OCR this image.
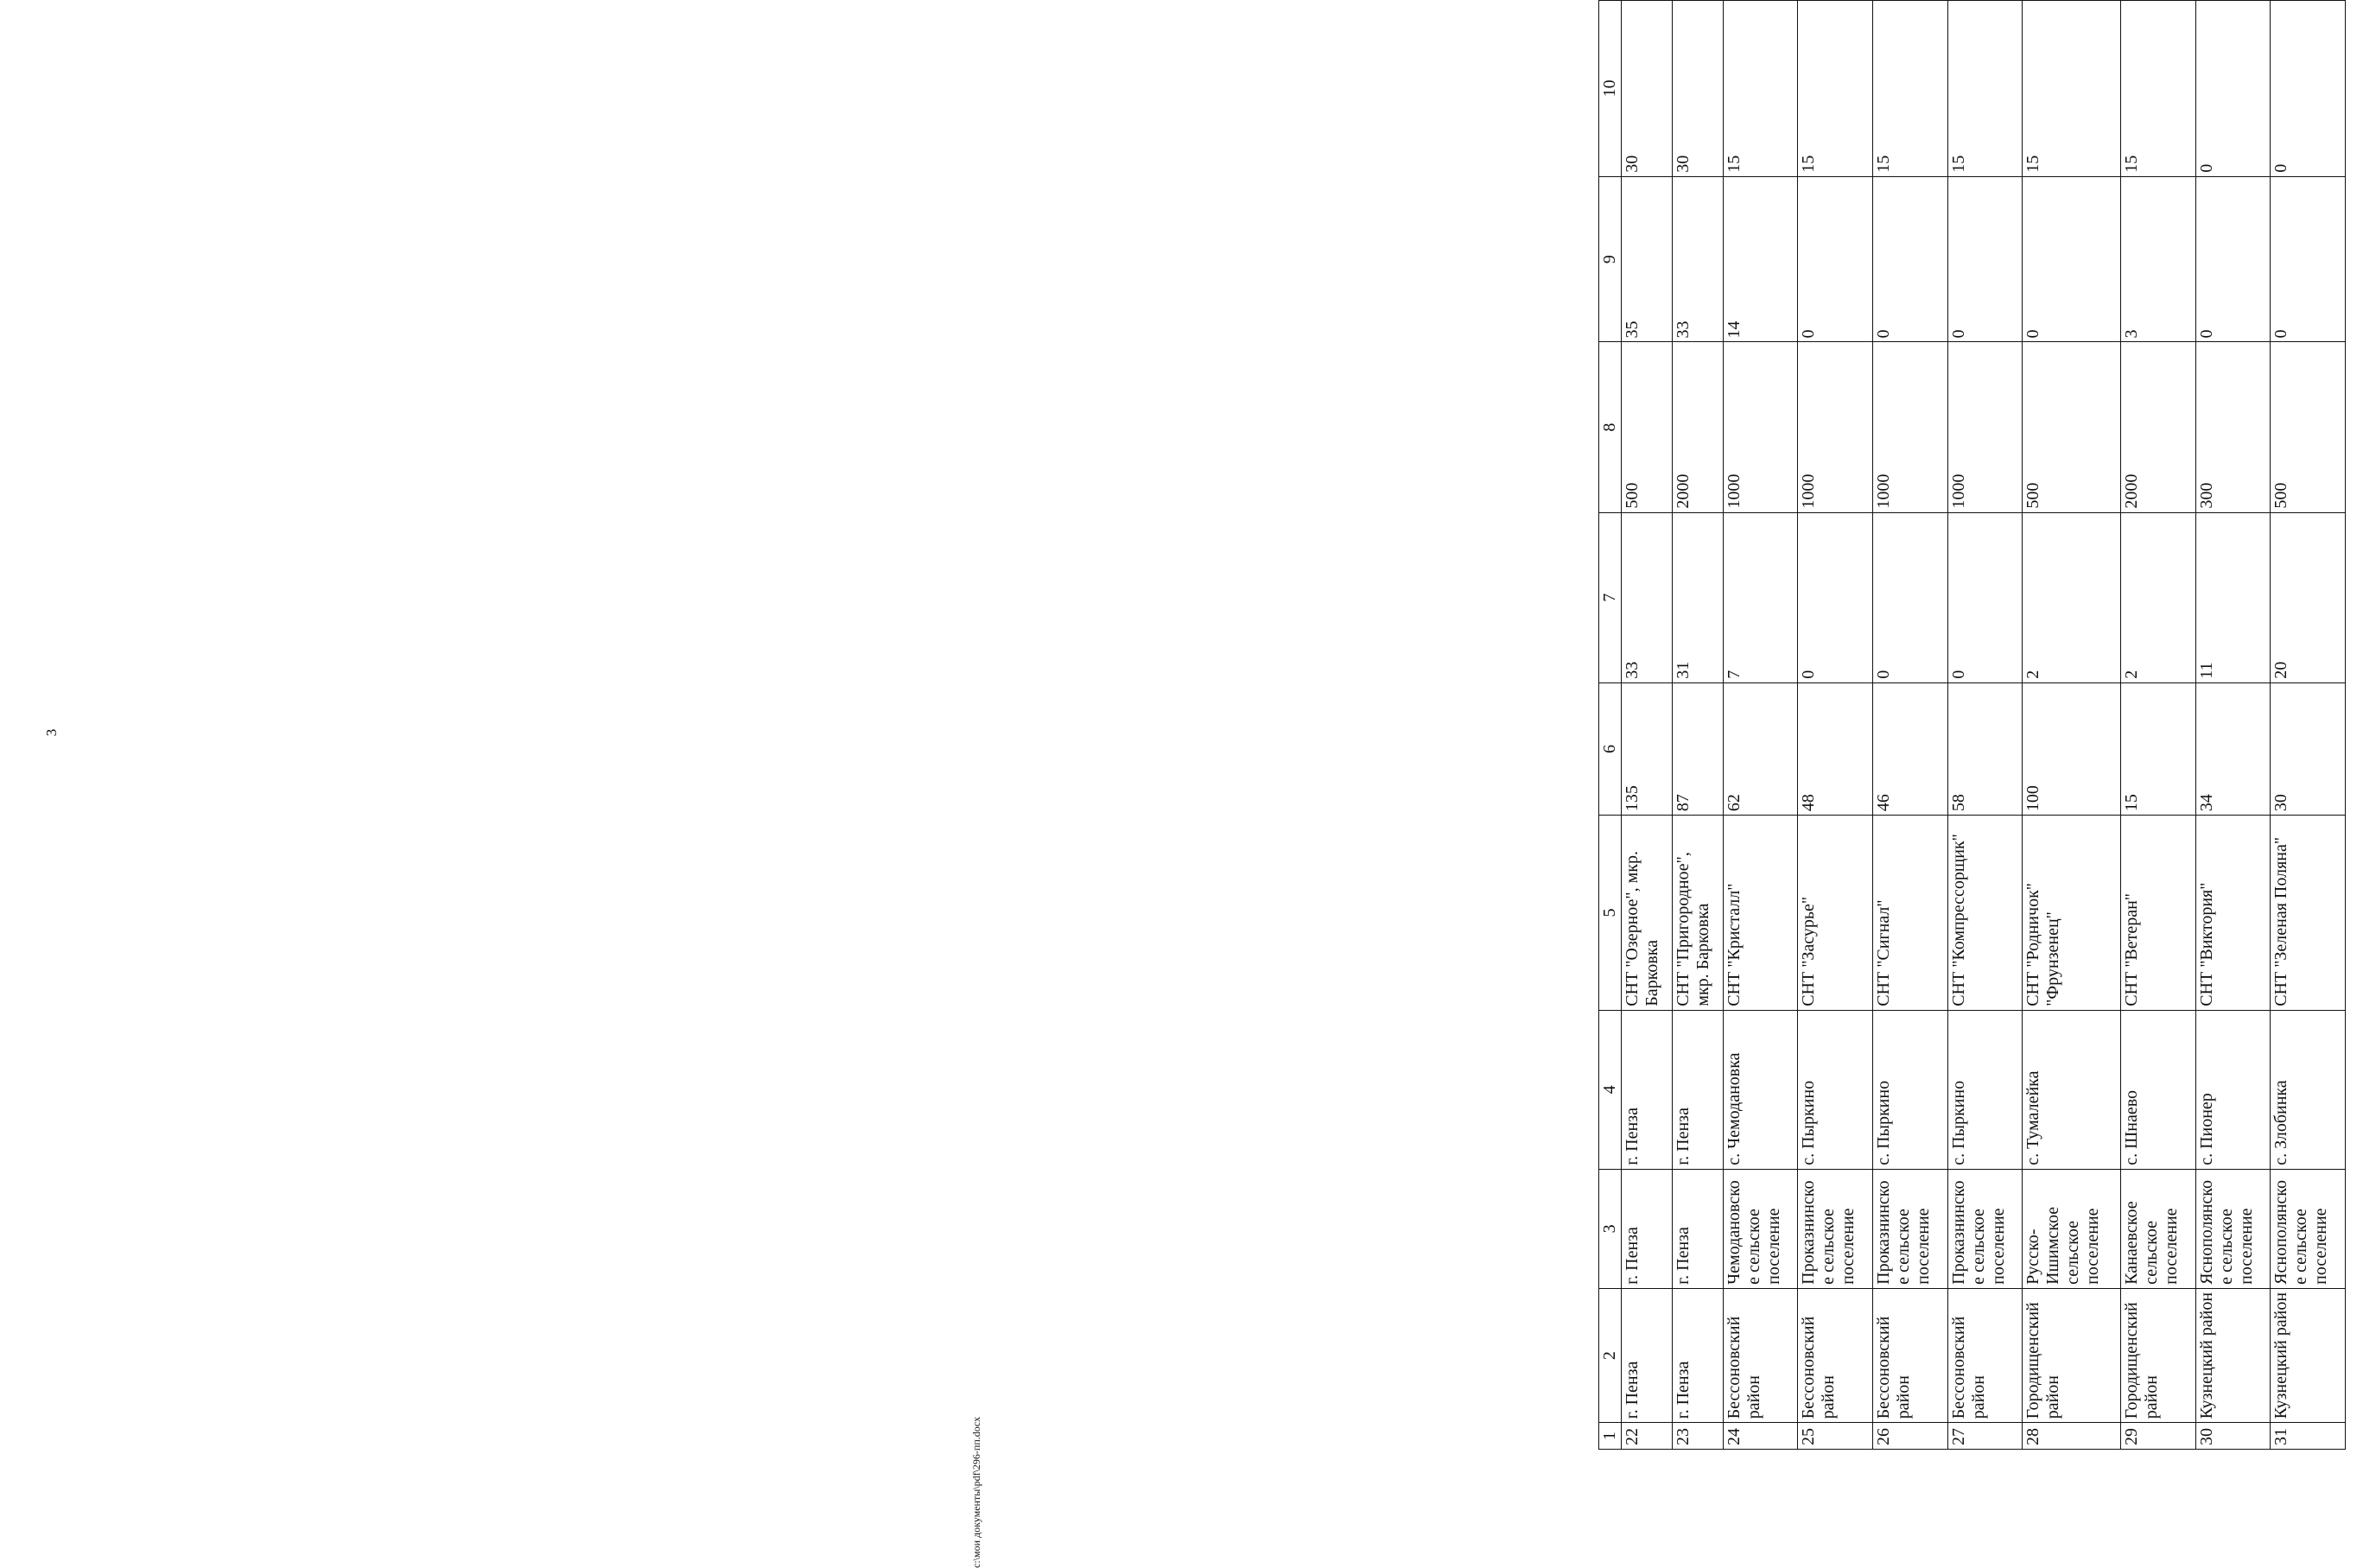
3
1	2	3	4	5	6	7	8	9	10
22	г. Пенза	г. Пенза	г. Пенза	СНТ "Озерное", мкр. Барковка	135	33	500	35	30
23	г. Пенза	г. Пенза	г. Пенза	СНТ "Пригородное", мкр. Барковка	87	31	2000	33	30
24	Бессоновский район	Чемодановское сельское поселение	с. Чемодановка	СНТ "Кристалл"	62	7	1000	14	15
25	Бессоновский район	Проказнинское сельское поселение	с. Пыркино	СНТ "Засурье"	48	0	1000	0	15
26	Бессоновский район	Проказнинское сельское поселение	с. Пыркино	СНТ "Сигнал"	46	0	1000	0	15
27	Бессоновский район	Проказнинское сельское поселение	с. Пыркино	СНТ "Компрессорщик"	58	0	1000	0	15
28	Городищенский район	Русско-Ишимское сельское поселение	с. Тумалейка	СНТ "Родничок" "Фрунзенец"	100	2	500	0	15
29	Городищенский район	Канаевское сельское поселение	с. Шнаево	СНТ "Ветеран"	15	2	2000	3	15
30	Кузнецкий район	Яснополянское сельское поселение	с. Пионер	СНТ "Виктория"	34	11	300	0	0
31	Кузнецкий район	Яснополянское сельское поселение	с. Злобинка	СНТ "Зеленая Поляна"	30	20	500	0	0
c:\мои документы\pdf\296-пп.docx
